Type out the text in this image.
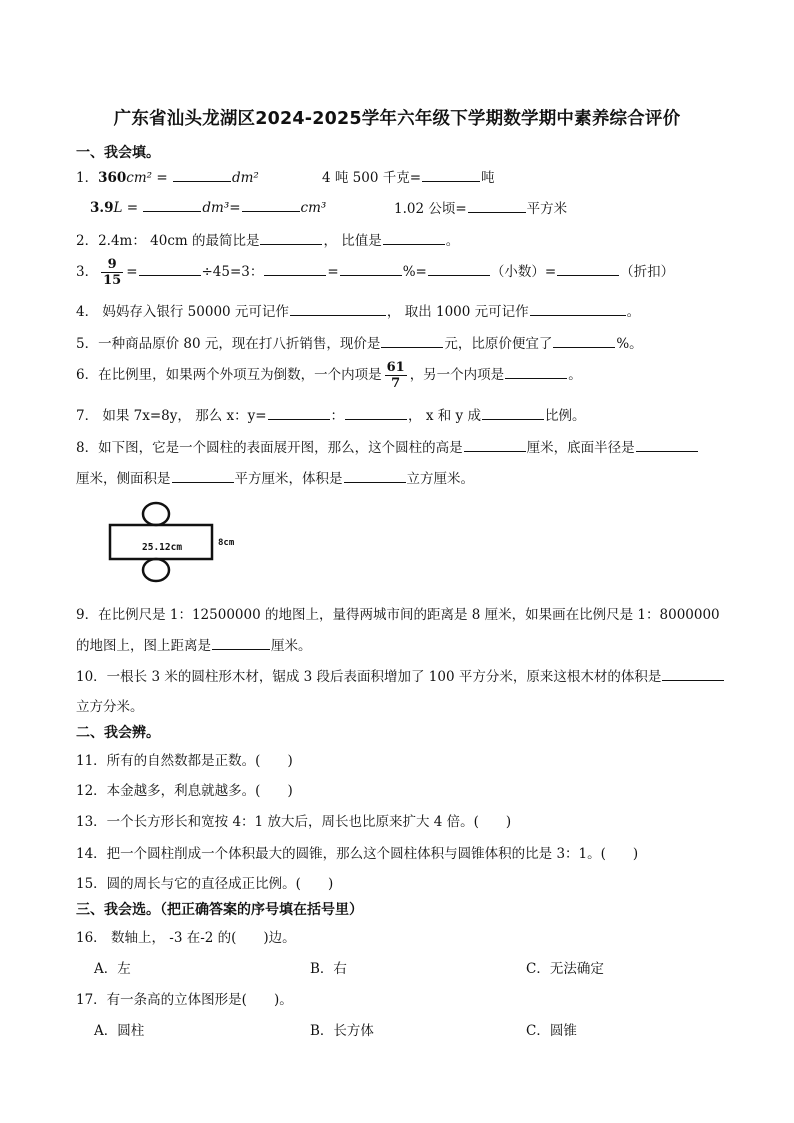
广东省汕头龙湖区2024-2025学年六年级下学期数学期中素养综合评价
一、我会填。
1．360cm² =	dm²	4 吨 500 千克=	吨
3.9L =	dm³=	cm³	1.02 公顷=	平方米
2．2.4m： 40cm 的最简比是	， 比值是	。
3． $\frac{9}{15}$ =	÷45=3：	=	%=	（小数）=	（折扣）
4． 妈妈存入银行 50000 元可记作	， 取出 1000 元可记作	。
5．一种商品原价 80 元，现在打八折销售，现价是	元，比原价便宜了	%。
6．在比例里，如果两个外项互为倒数，一个内项是 $\frac{61}{7}$ ，另一个内项是	。
7． 如果 7x=8y， 那么 x：y=	：	， x 和 y 成	比例。
8．如下图，它是一个圆柱的表面展开图，那么，这个圆柱的高是	厘米，底面半径是
厘米，侧面积是	平方厘米，体积是	立方厘米。
25.12cm	8cm
9．在比例尺是 1：12500000 的地图上，量得两城市间的距离是 8 厘米，如果画在比例尺是 1：8000000
的地图上，图上距离是	厘米。
10．一根长 3 米的圆柱形木材，锯成 3 段后表面积增加了 100 平方分米，原来这根木材的体积是
立方分米。
二、我会辨。
11．所有的自然数都是正数。(　　)
12．本金越多，利息就越多。(　　)
13．一个长方形长和宽按 4：1 放大后，周长也比原来扩大 4 倍。(　　)
14．把一个圆柱削成一个体积最大的圆锥，那么这个圆柱体积与圆锥体积的比是 3：1。(　　)
15．圆的周长与它的直径成正比例。(　　)
三、我会选。（把正确答案的序号填在括号里）
16． 数轴上， -3 在-2 的(　　)边。
A．左	B．右	C．无法确定
17．有一条高的立体图形是(　　)。
A．圆柱	B．长方体	C．圆锥
